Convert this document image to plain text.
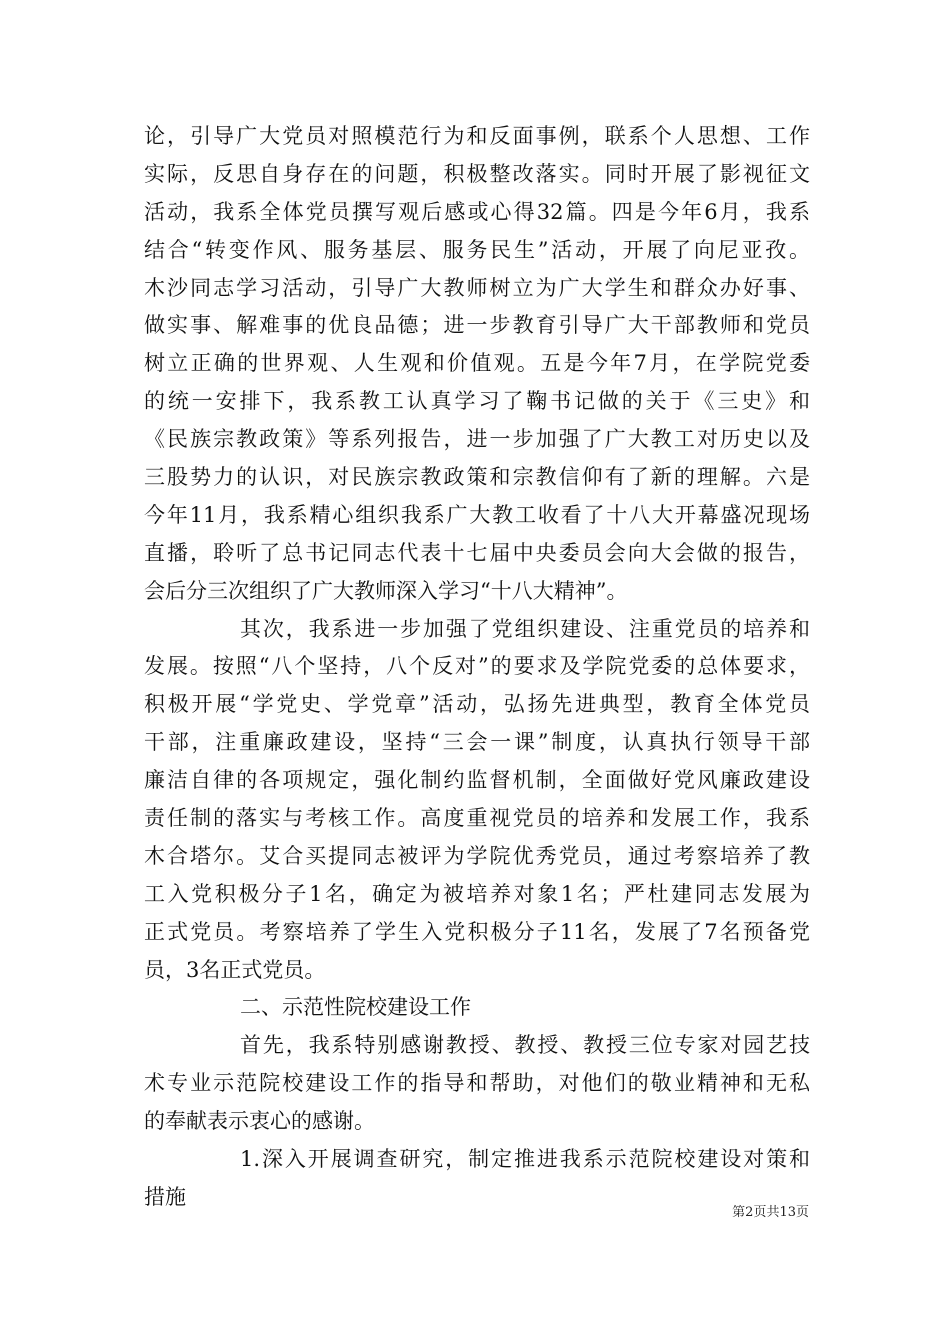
论，引导广大党员对照模范行为和反面事例，联系个人思想、工作
实际，反思自身存在的问题，积极整改落实。同时开展了影视征文
活动，我系全体党员撰写观后感或心得32篇。四是今年6月，我系
结合“转变作风、服务基层、服务民生”活动，开展了向尼亚孜。
木沙同志学习活动，引导广大教师树立为广大学生和群众办好事、
做实事、解难事的优良品德；进一步教育引导广大干部教师和党员
树立正确的世界观、人生观和价值观。五是今年7月，在学院党委
的统一安排下，我系教工认真学习了鞠书记做的关于《三史》和
《民族宗教政策》等系列报告，进一步加强了广大教工对历史以及
三股势力的认识，对民族宗教政策和宗教信仰有了新的理解。六是
今年11月，我系精心组织我系广大教工收看了十八大开幕盛况现场
直播，聆听了总书记同志代表十七届中央委员会向大会做的报告，
会后分三次组织了广大教师深入学习“十八大精神”。
其次，我系进一步加强了党组织建设、注重党员的培养和
发展。按照“八个坚持，八个反对”的要求及学院党委的总体要求，
积极开展“学党史、学党章”活动，弘扬先进典型，教育全体党员
干部，注重廉政建设，坚持“三会一课”制度，认真执行领导干部
廉洁自律的各项规定，强化制约监督机制，全面做好党风廉政建设
责任制的落实与考核工作。高度重视党员的培养和发展工作，我系
木合塔尔。艾合买提同志被评为学院优秀党员，通过考察培养了教
工入党积极分子1名，确定为被培养对象1名；严杜建同志发展为
正式党员。考察培养了学生入党积极分子11名，发展了7名预备党
员，3名正式党员。
二、示范性院校建设工作
首先，我系特别感谢教授、教授、教授三位专家对园艺技
术专业示范院校建设工作的指导和帮助，对他们的敬业精神和无私
的奉献表示衷心的感谢。
1.深入开展调查研究，制定推进我系示范院校建设对策和
措施
第2页共13页
